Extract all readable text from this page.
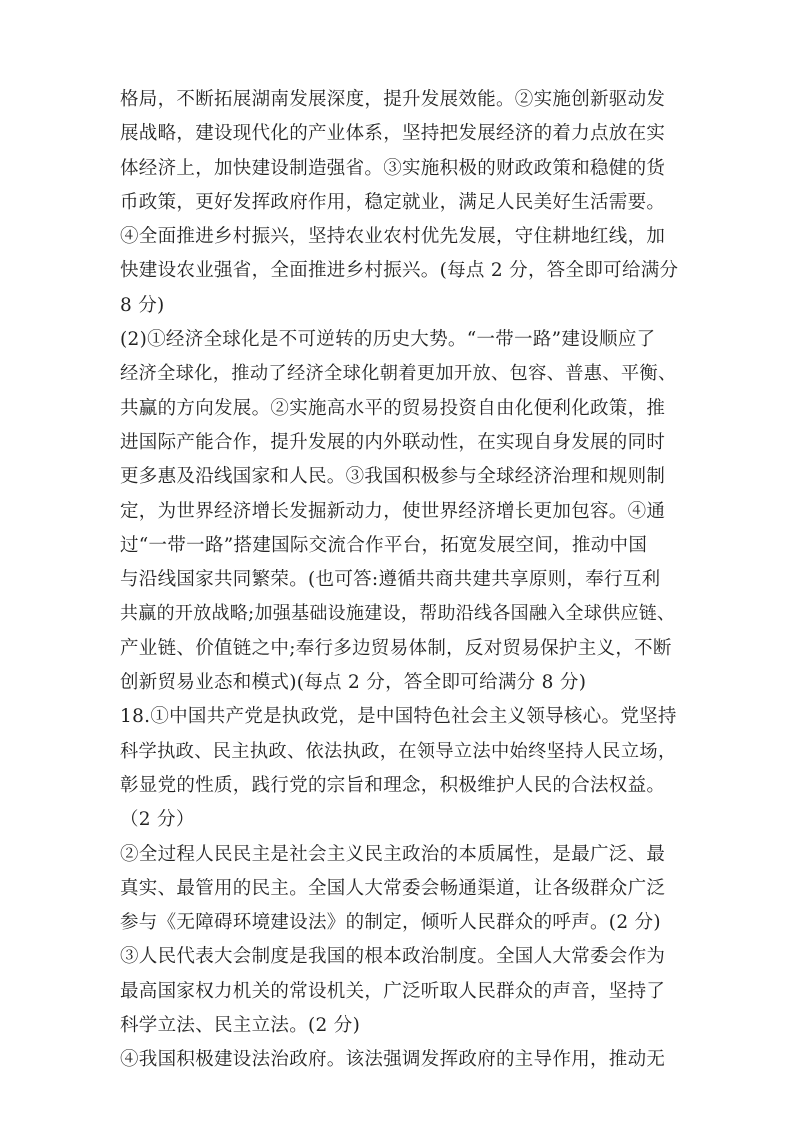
格局，不断拓展湖南发展深度，提升发展效能。②实施创新驱动发
展战略，建设现代化的产业体系，坚持把发展经济的着力点放在实
体经济上，加快建设制造强省。③实施积极的财政政策和稳健的货
币政策，更好发挥政府作用，稳定就业，满足人民美好生活需要。
④全面推进乡村振兴，坚持农业农村优先发展，守住耕地红线，加
快建设农业强省，全面推进乡村振兴。(每点 2 分，答全即可给满分
8 分)
(2)①经济全球化是不可逆转的历史大势。“一带一路”建设顺应了
经济全球化，推动了经济全球化朝着更加开放、包容、普惠、平衡、
共赢的方向发展。②实施高水平的贸易投资自由化便利化政策，推
进国际产能合作，提升发展的内外联动性，在实现自身发展的同时
更多惠及沿线国家和人民。③我国积极参与全球经济治理和规则制
定，为世界经济增长发掘新动力，使世界经济增长更加包容。④通
过“一带一路”搭建国际交流合作平台，拓宽发展空间，推动中国
与沿线国家共同繁荣。(也可答:遵循共商共建共享原则，奉行互利
共赢的开放战略;加强基础设施建设，帮助沿线各国融入全球供应链、
产业链、价值链之中;奉行多边贸易体制，反对贸易保护主义，不断
创新贸易业态和模式)(每点 2 分，答全即可给满分 8 分)
18.①中国共产党是执政党，是中国特色社会主义领导核心。党坚持
科学执政、民主执政、依法执政，在领导立法中始终坚持人民立场，
彰显党的性质，践行党的宗旨和理念，积极维护人民的合法权益。
（2 分）
②全过程人民民主是社会主义民主政治的本质属性，是最广泛、最
真实、最管用的民主。全国人大常委会畅通渠道，让各级群众广泛
参与《无障碍环境建设法》的制定，倾听人民群众的呼声。(2 分)
③人民代表大会制度是我国的根本政治制度。全国人大常委会作为
最高国家权力机关的常设机关，广泛听取人民群众的声音，坚持了
科学立法、民主立法。(2 分)
④我国积极建设法治政府。该法强调发挥政府的主导作用，推动无
